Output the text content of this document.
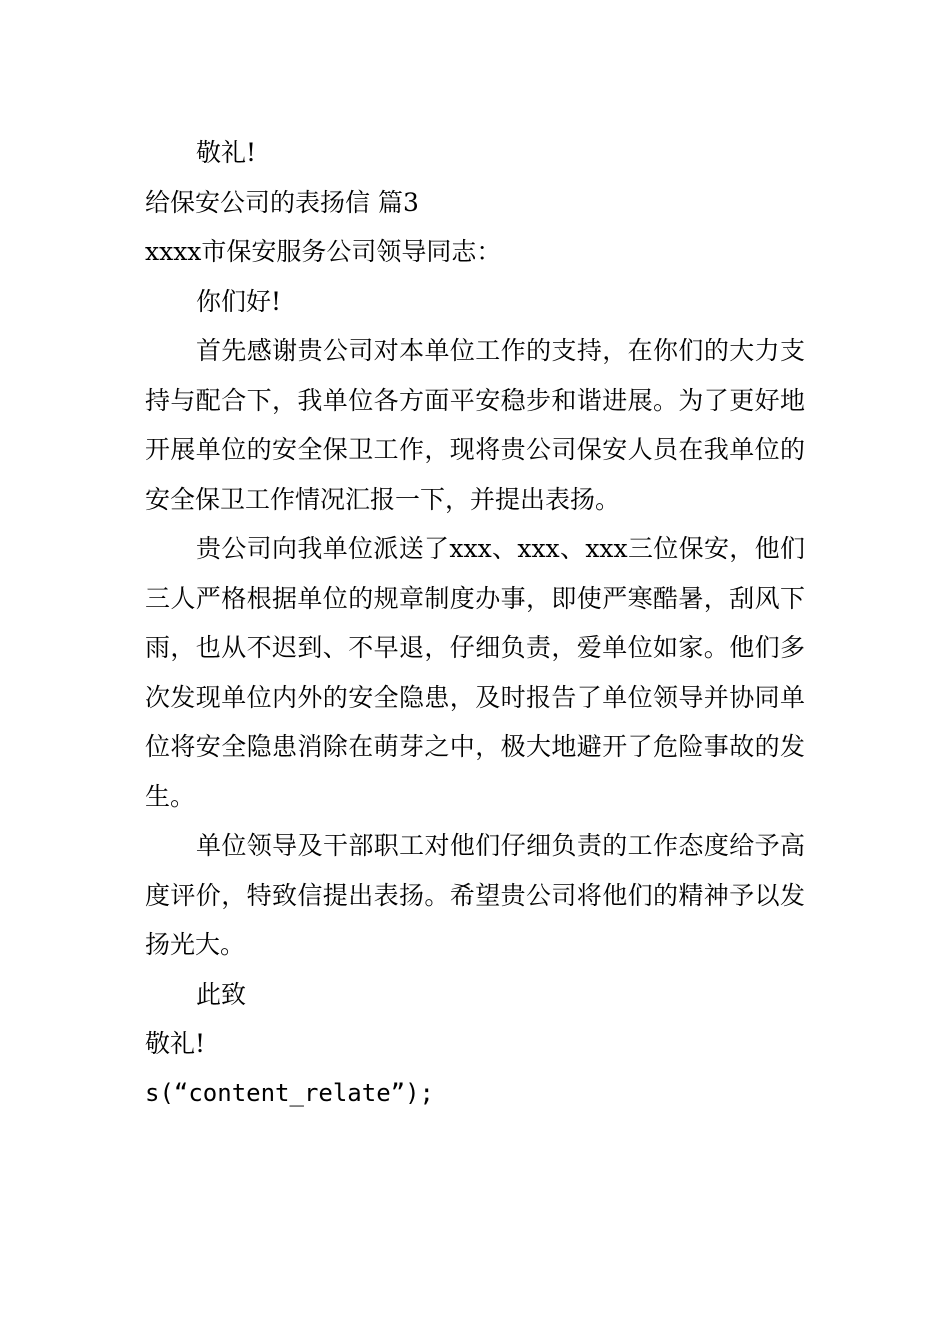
敬礼!
给保安公司的表扬信 篇3
xxxx市保安服务公司领导同志：
你们好!

首先感谢贵公司对本单位工作的支持，在你们的大力支持与配合下，我单位各方面平安稳步和谐进展。为了更好地开展单位的安全保卫工作，现将贵公司保安人员在我单位的安全保卫工作情况汇报一下，并提出表扬。

贵公司向我单位派送了xxx、xxx、xxx三位保安，他们三人严格根据单位的规章制度办事，即使严寒酷暑，刮风下雨，也从不迟到、不早退，仔细负责，爱单位如家。他们多次发现单位内外的安全隐患，及时报告了单位领导并协同单位将安全隐患消除在萌芽之中，极大地避开了危险事故的发生。

单位领导及干部职工对他们仔细负责的工作态度给予高度评价，特致信提出表扬。希望贵公司将他们的精神予以发扬光大。

此致
敬礼!
s(“content_relate”);
